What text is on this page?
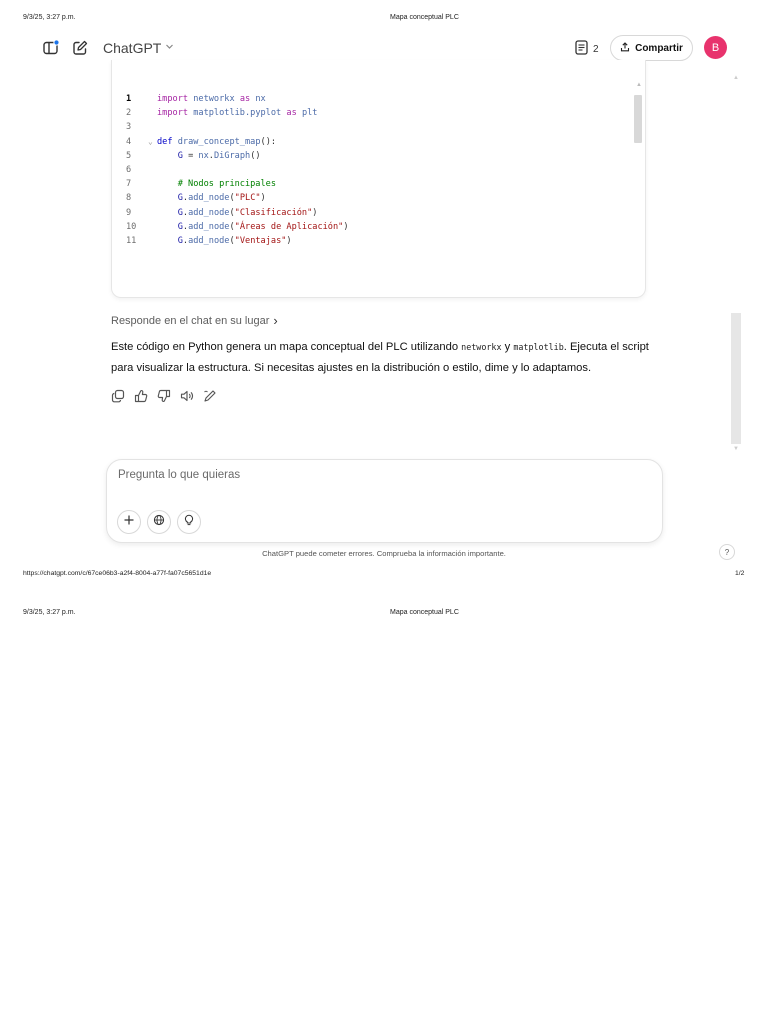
9/3/25, 3:27 p.m.	Mapa conceptual PLC
ChatGPT	2	Compartir	B
1	import networkx as nx
2	import matplotlib.pyplot as plt
3
4	⌄ def draw_concept_map():
5	G = nx.DiGraph()
6
7	# Nodos principales
8	G.add_node("PLC")
9	G.add_node("Clasificación")
10	G.add_node("Áreas de Aplicación")
11	G.add_node("Ventajas")
▲
Responde en el chat en su lugar ›
Este código en Python genera un mapa conceptual del PLC utilizando networkx y matplotlib. Ejecuta el script para visualizar la estructura. Si necesitas ajustes en la distribución o estilo, dime y lo adaptamos.
▲
▼
Pregunta lo que quieras
ChatGPT puede cometer errores. Comprueba la información importante.	?
https://chatgpt.com/c/67ce06b3-a2f4-8004-a77f-fa07c5651d1e	1/2
9/3/25, 3:27 p.m.	Mapa conceptual PLC
